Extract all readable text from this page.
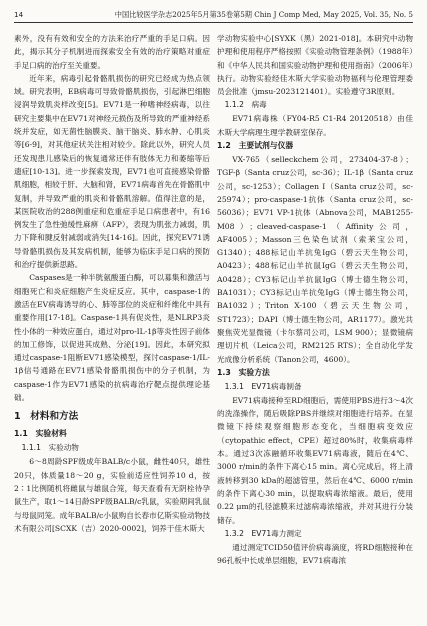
14	中国比较医学杂志2025年5月第35卷第5期 Chin J Comp Med, May 2025, Vol. 35, No. 5

素外，没有有效和安全的方法来治疗严重的手足口病。因此，揭示其分子机制进而探索安全有效的治疗策略对重症手足口病的治疗至关重要。

近年来，病毒引起骨骼肌损伤的研究已经成为热点领域。研究表明，EB病毒可导致骨骼肌损伤，引起淋巴细胞浸润导致肌炎样改变[5]。EV71是一种嗜神经病毒，以往研究主要集中在EV71对神经元损伤及所导致的严重神经系统并发症，如无菌性脑膜炎、脑干脑炎、肺水肿、心肌炎等[6-9]，对其他症状关注相对较少。除此以外，研究人员还发现患儿感染后的恢复通常还伴有肢体无力和萎缩等后遗症[10-13]。进一步探索发现，EV71也可直接感染骨骼肌细胞，相较于肝、大脑和肾，EV71病毒首先在骨骼肌中复制，并导致严重的肌炎和骨骼肌溶解。值得注意的是，某医院收治的288例重症和危重症手足口病患者中，有16例发生了急性弛缓性麻痹（AFP），表现为肌张力减弱，肌力下降和腱反射减弱或消失[14-16]。因此，探究EV71诱导骨骼肌损伤及其发病机制，能够为临床手足口病的预防和治疗提供新思路。

Caspases是一种半胱氨酸蛋白酶，可以募集和激活与细胞死亡和炎症细胞产生炎症反应。其中，caspase-1的激活在EV病毒诱导的心、肺等部位的炎症和纤维化中具有重要作用[17-18]。Caspase-1具有促炎性，是NLRP3炎性小体的一种效应蛋白，通过对pro-IL-1β等炎性因子前体的加工修饰，以促进其成熟、分泌[19]。因此，本研究拟通过caspase-1阻断EV71感染模型，探讨caspase-1/IL-1β信号通路在EV71感染骨骼肌损伤中的分子机制，为caspase-1作为EV71感染的抗病毒治疗靶点提供理论基础。

1　材料和方法
1.1　实验材料
1.1.1　实验动物

6～8周龄SPF级成年BALB/c小鼠，雌性40只，雄性20只，体质量18～20 g，实验前适应性饲养10 d，按2∶1比例随机将雌鼠与雄鼠合笼，每天查看有无阴栓待孕鼠生产，取1～14日龄SPF级BALB/c乳鼠，实验期间乳鼠与母鼠同笼。成年BALB/c小鼠购自长春市亿斯实验动物技术有限公司[SCXK（吉）2020-0002]，饲养于佳木斯大

学动物实验中心[SYXK（黑）2021-018]。本研究中动物护理和使用程序严格按照《实验动物管理条例》（1988年）和《中华人民共和国实验动物护理和使用指南》（2006年）执行。动物实验经佳木斯大学实验动物福利与伦理管理委员会批准（jmsu-2023121401）。实验遵守3R原则。

1.1.2　病毒

EV71病毒株（FY04-R5 C1-R4 20120518）由佳木斯大学病理生理学教研室保存。

1.2　主要试剂与仪器

VX-765（selleckchem公司，273404-37-8）；TGF-β（Santa cruz公司，sc-36）；IL-1β（Santa cruz公司，sc-1253）；Collagen Ⅰ（Santa cruz公司，sc-25974）；pro-caspase-1抗体（Santa cruz公司，sc-56036）；EV71 VP-1抗体（Abnova公司，MAB1255-M08）；cleaved-caspase-1（Affinity公司，AF4005）；Masson三色染色试剂（索莱宝公司，G1340）；488标记山羊抗兔IgG（碧云天生物公司，A0423）；488标记山羊抗鼠IgG（碧云天生物公司，A0428）；CY3标记山羊抗鼠IgG（博士德生物公司，BA1031）；CY3标记山羊抗兔IgG（博士德生物公司，BA1032）；Triton X-100（碧云天生物公司，ST1723）；DAPI（博士德生物公司，AR1177）。激光共聚焦荧光显微镜（卡尔蔡司公司，LSM 900）；显微镜病理切片机（Leica公司，RM2125 RTS）；全自动化学发光成像分析系统（Tanon公司，4600）。

1.3　实验方法
1.3.1　EV71病毒制备

EV71病毒接种至RD细胞后，需使用PBS进行3～4次的洗涤操作，随后吸除PBS并继续对细胞进行培养。在显微镜下持续观察细胞形态变化，当细胞病变效应（cytopathic effect，CPE）超过80%时，收集病毒样本。通过3次冻融循环收集EV71病毒液，随后在4℃、3000 r/min的条件下离心15 min。离心完成后，将上清液转移到30 kDa的超滤管里，然后在4℃、6000 r/min的条件下离心30 min，以提取病毒浓缩液。最后，使用0.22 μm的孔径滤膜来过滤病毒浓缩液，并对其进行分装储存。

1.3.2　EV71毒力测定

通过测定TCID50值评价病毒滴度，将RD细胞接种在96孔板中长成单层细胞，EV71病毒浓
